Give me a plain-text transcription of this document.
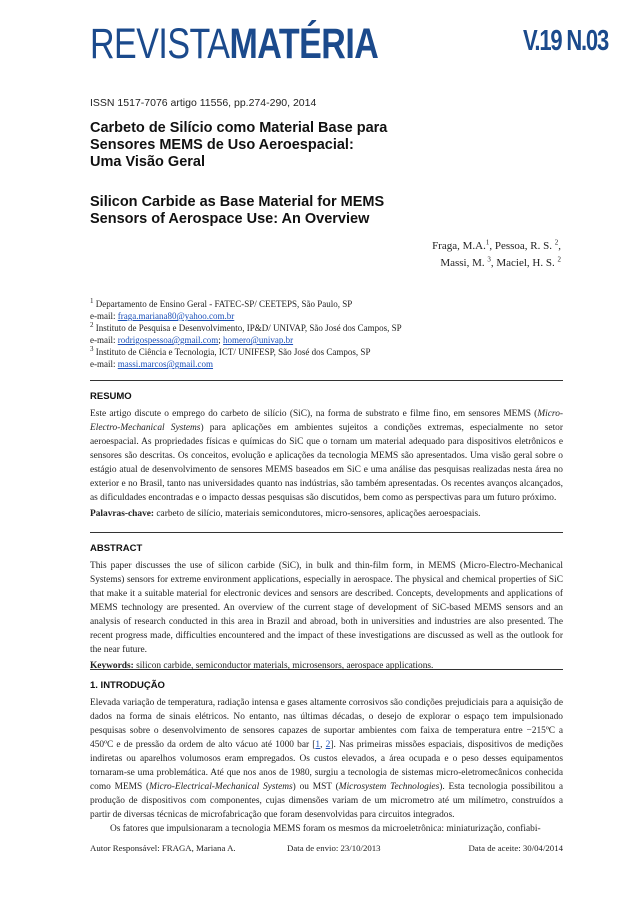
REVISTAMATÉRIA	V.19 N.03
ISSN 1517-7076 artigo 11556, pp.274-290, 2014
Carbeto de Silício como Material Base para
Sensores MEMS de Uso Aeroespacial:
Uma Visão Geral
Silicon Carbide as Base Material for MEMS
Sensors of Aerospace Use: An Overview
Fraga, M.A.$^1$, Pessoa, R. S. $^2$,
Massi, M. $^3$, Maciel, H. S. $^2$
$^1$ Departamento de Ensino Geral - FATEC-SP/ CEETEPS, São Paulo, SP
e-mail: fraga.mariana80@yahoo.com.br
$^2$ Instituto de Pesquisa e Desenvolvimento, IP&D/ UNIVAP, São José dos Campos, SP
e-mail: rodrigospessoa@gmail.com; homero@univap.br
$^3$ Instituto de Ciência e Tecnologia, ICT/ UNIFESP, São José dos Campos, SP
e-mail: massi.marcos@gmail.com
RESUMO
Este artigo discute o emprego do carbeto de silício (SiC), na forma de substrato e filme fino, em sensores MEMS (Micro-Electro-Mechanical Systems) para aplicações em ambientes sujeitos a condições extremas, especialmente no setor aeroespacial. As propriedades físicas e químicas do SiC que o tornam um material adequado para dispositivos eletrônicos e sensores são descritas. Os conceitos, evolução e aplicações da tecnologia MEMS são apresentados. Uma visão geral sobre o estágio atual de desenvolvimento de sensores MEMS baseados em SiC e uma análise das pesquisas realizadas nesta área no exterior e no Brasil, tanto nas universidades quanto nas indústrias, são também apresentadas. Os recentes avanços alcançados, as dificuldades encontradas e o impacto dessas pesquisas são discutidos, bem como as perspectivas para um futuro próximo.
Palavras-chave: carbeto de silício, materiais semicondutores, micro-sensores, aplicações aeroespaciais.
ABSTRACT
This paper discusses the use of silicon carbide (SiC), in bulk and thin-film form, in MEMS (Micro-Electro-Mechanical Systems) sensors for extreme environment applications, especially in aerospace. The physical and chemical properties of SiC that make it a suitable material for electronic devices and sensors are described. Concepts, developments and applications of MEMS technology are presented. An overview of the current stage of development of SiC-based MEMS sensors and an analysis of research conducted in this area in Brazil and abroad, both in universities and industries are also presented. The recent progress made, difficulties encountered and the impact of these investigations are discussed as well as the outlook for the near future.
Keywords: silicon carbide, semiconductor materials, microsensors, aerospace applications.
1. INTRODUÇÃO
Elevada variação de temperatura, radiação intensa e gases altamente corrosivos são condições prejudiciais para a aquisição de dados na forma de sinais elétricos. No entanto, nas últimas décadas, o desejo de explorar o espaço tem impulsionado pesquisas sobre o desenvolvimento de sensores capazes de suportar ambientes com faixa de temperatura entre −215ºC a 450ºC e de pressão da ordem de alto vácuo até 1000 bar [1, 2]. Nas primeiras missões espaciais, dispositivos de medições indiretas ou aparelhos volumosos eram empregados. Os custos elevados, a área ocupada e o peso desses equipamentos tornaram-se uma problemática. Até que nos anos de 1980, surgiu a tecnologia de sistemas micro-eletromecânicos conhecida como MEMS (Micro-Electrical-Mechanical Systems) ou MST (Microsystem Technologies). Esta tecnologia possibilitou a produção de dispositivos com componentes, cujas dimensões variam de um micrometro até um milímetro, construídos a partir de diversas técnicas de microfabricação que foram desenvolvidas para circuitos integrados.
Os fatores que impulsionaram a tecnologia MEMS foram os mesmos da microeletrônica: miniaturização, confiabi-
Autor Responsável: FRAGA, Mariana A.	Data de envio: 23/10/2013	Data de aceite: 30/04/2014
